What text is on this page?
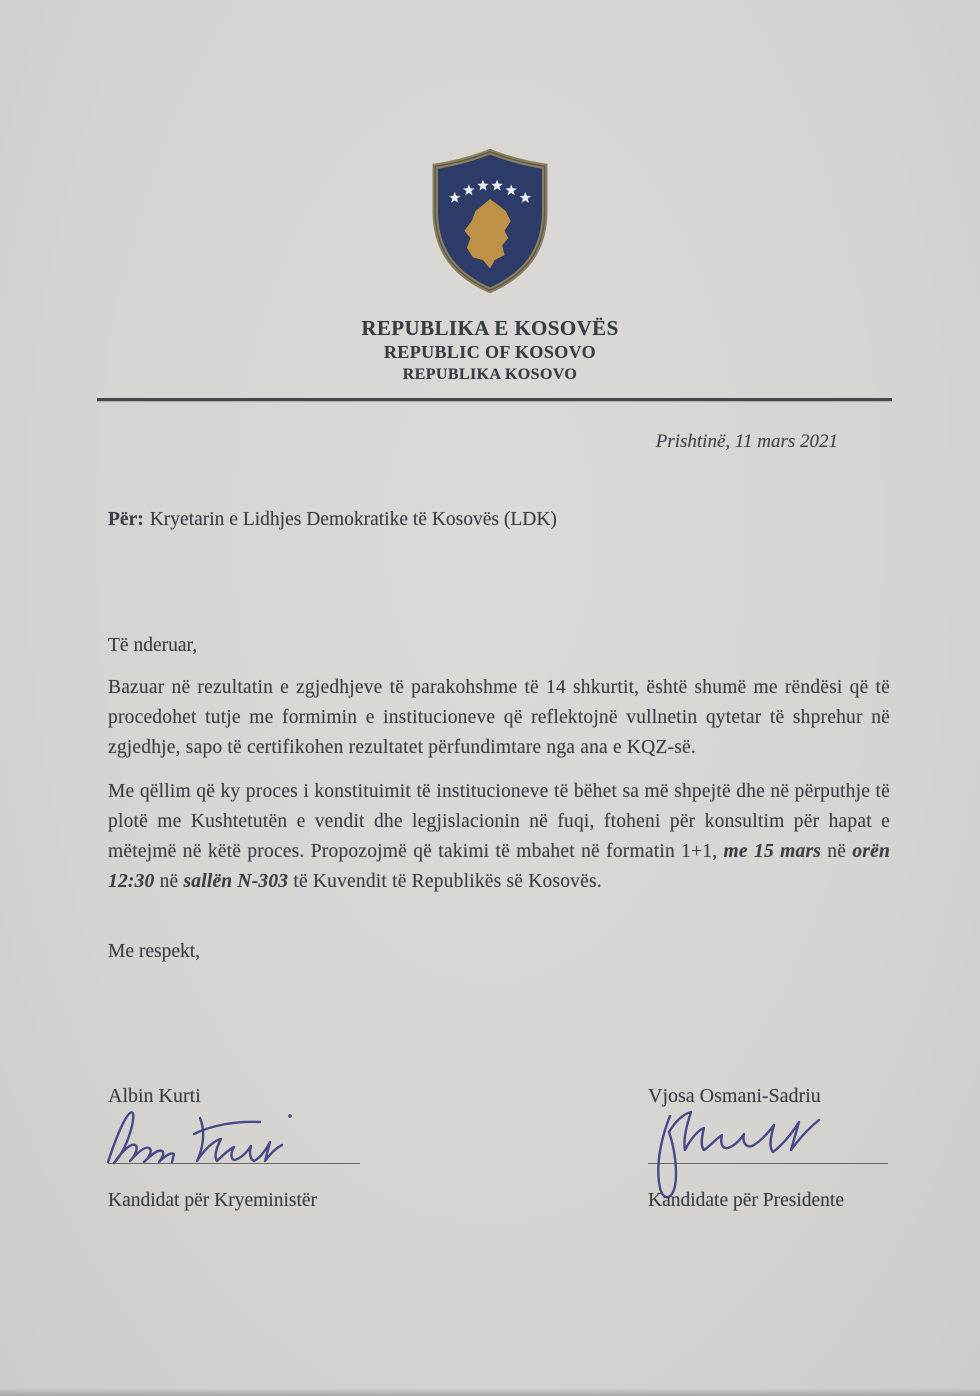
REPUBLIKA E KOSOVËS
REPUBLIC OF KOSOVO
REPUBLIKA KOSOVO
Prishtinë, 11 mars 2021
Për: Kryetarin e Lidhjes Demokratike të Kosovës (LDK)
Të nderuar,

Bazuar në rezultatin e zgjedhjeve të parakohshme të 14 shkurtit, është shumë me rëndësi që të procedohet tutje me formimin e institucioneve që reflektojnë vullnetin qytetar të shprehur në zgjedhje, sapo të certifikohen rezultatet përfundimtare nga ana e KQZ-së.

Me qëllim që ky proces i konstituimit të institucioneve të bëhet sa më shpejtë dhe në përputhje të plotë me Kushtetutën e vendit dhe legjislacionin në fuqi, ftoheni për konsultim për hapat e mëtejmë në këtë proces. Propozojmë që takimi të mbahet në formatin 1+1, me 15 mars në orën 12:30 në sallën N-303 të Kuvendit të Republikës së Kosovës.

Me respekt,
Albin Kurti
Kandidat për Kryeministër
Vjosa Osmani-Sadriu
Kandidate për Presidente
